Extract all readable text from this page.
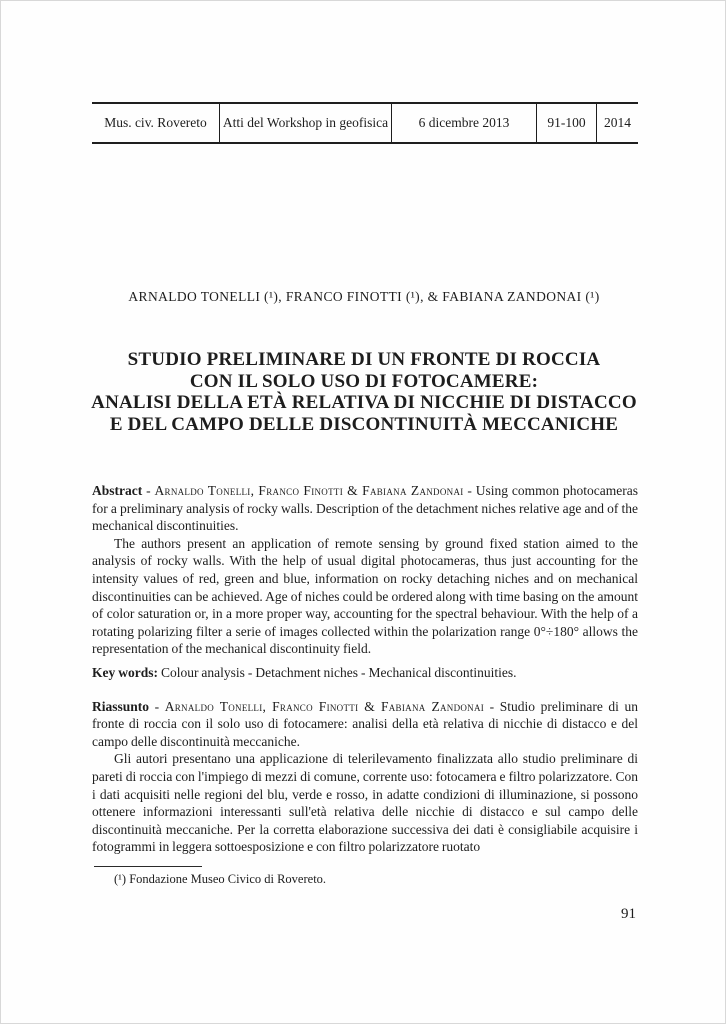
Mus. civ. Rovereto	Atti del Workshop in geofisica	6 dicembre 2013	91-100	2014
ARNALDO TONELLI (¹), FRANCO FINOTTI (¹), & FABIANA ZANDONAI (¹)
STUDIO PRELIMINARE DI UN FRONTE DI ROCCIA
CON IL SOLO USO DI FOTOCAMERE:
ANALISI DELLA ETÀ RELATIVA DI NICCHIE DI DISTACCO
E DEL CAMPO DELLE DISCONTINUITÀ MECCANICHE

Abstract - Arnaldo Tonelli, Franco Finotti & Fabiana Zandonai - Using common photocameras for a preliminary analysis of rocky walls. Description of the detachment niches relative age and of the mechanical discontinuities.

The authors present an application of remote sensing by ground fixed station aimed to the analysis of rocky walls. With the help of usual digital photocameras, thus just accounting for the intensity values of red, green and blue, information on rocky detaching niches and on mechanical discontinuities can be achieved. Age of niches could be ordered along with time basing on the amount of color saturation or, in a more proper way, accounting for the spectral behaviour. With the help of a rotating polarizing filter a serie of images collected within the polarization range 0°÷180° allows the representation of the mechanical discontinuity field.

Key words: Colour analysis - Detachment niches - Mechanical discontinuities.

Riassunto - Arnaldo Tonelli, Franco Finotti & Fabiana Zandonai - Studio preliminare di un fronte di roccia con il solo uso di fotocamere: analisi della età relativa di nicchie di distacco e del campo delle discontinuità meccaniche.

Gli autori presentano una applicazione di telerilevamento finalizzata allo studio preliminare di pareti di roccia con l'impiego di mezzi di comune, corrente uso: fotocamera e filtro polarizzatore. Con i dati acquisiti nelle regioni del blu, verde e rosso, in adatte condizioni di illuminazione, si possono ottenere informazioni interessanti sull'età relativa delle nicchie di distacco e sul campo delle discontinuità meccaniche. Per la corretta elaborazione successiva dei dati è consigliabile acquisire i fotogrammi in leggera sottoesposizione e con filtro polarizzatore ruotato

(¹) Fondazione Museo Civico di Rovereto.
91
